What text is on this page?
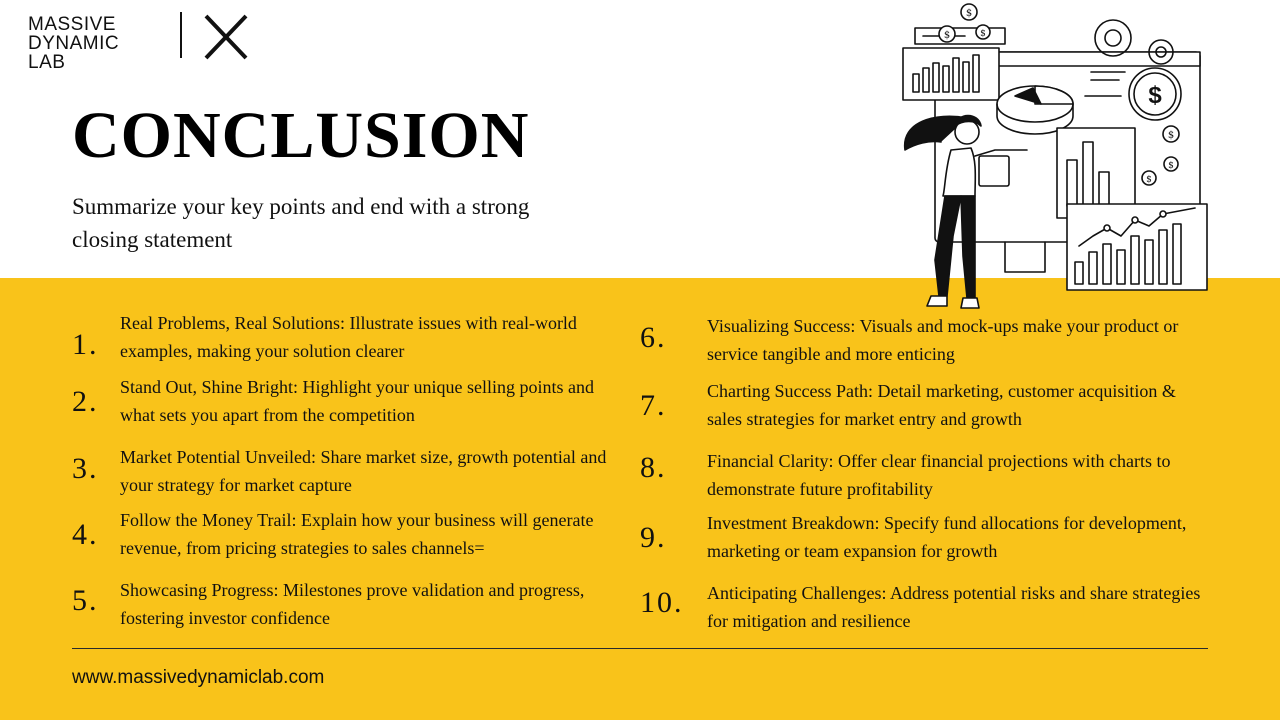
MASSIVE
DYNAMIC
LAB
CONCLUSION
Summarize your key points and end with a strong closing statement
$
$
$	$
$
$
$
1.
Real Problems, Real Solutions: Illustrate issues with real-world examples, making your solution clearer
2. Stand Out, Shine Bright: Highlight your unique selling points and what sets you apart from the competition
3. Market Potential Unveiled: Share market size, growth potential and your strategy for market capture
4. Follow the Money Trail: Explain how your business will generate revenue, from pricing strategies to sales channels=
5. Showcasing Progress: Milestones prove validation and progress, fostering investor confidence
6. Visualizing Success: Visuals and mock-ups make your product or service tangible and more enticing
7. Charting Success Path: Detail marketing, customer acquisition & sales strategies for market entry and growth
8. Financial Clarity: Offer clear financial projections with charts to demonstrate future profitability
9. Investment Breakdown: Specify fund allocations for development, marketing or team expansion for growth
10. Anticipating Challenges: Address potential risks and share strategies for mitigation and resilience
www.massivedynamiclab.com
